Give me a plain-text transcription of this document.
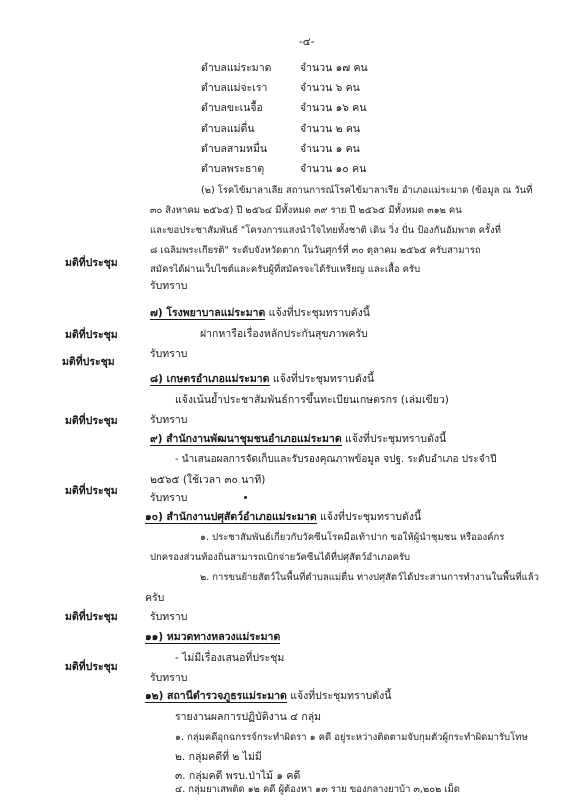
-๔-
ตำบลแม่ระมาด	จำนวน ๑๗ คน
ตำบลแม่จะเรา	จำนวน ๖ คน
ตำบลขะเนจื้อ	จำนวน ๑๖ คน
ตำบลแม่ตื่น	จำนวน ๒ คน
ตำบลสามหมื่น	จำนวน ๑ คน
ตำบลพระธาตุ	จำนวน ๑๐ คน
(๒) โรคไข้มาลาเลีย สถานการณ์โรคไข้มาลาเรีย อำเภอแม่ระมาด (ข้อมูล ณ วันที่
๓๐ สิงหาคม ๒๕๖๕) ปี ๒๕๖๔ มีทั้งหมด ๓๙ ราย ปี ๒๕๖๕ มีทั้งหมด ๓๑๒ คน
และขอประชาสัมพันธ์ "โครงการแสงนำใจไทยทั้งชาติ เดิน วิ่ง ปั่น ป้องกันอัมพาต ครั้งที่
๘ เฉลิมพระเกียรติ" ระดับจังหวัดตาก ในวันศุกร์ที่ ๓๐ ตุลาคม ๒๕๖๕ ครับสามารถ
สมัครได้ผ่านเว็บไซต์และครับผู้ที่สมัครจะได้รับเหรียญ และเสื้อ ครับ
มติที่ประชุม
รับทราบ
๗) โรงพยาบาลแม่ระมาด แจ้งที่ประชุมทราบดังนี้
ฝากหารือเรื่องหลักประกันสุขภาพครับ
มติที่ประชุม
รับทราบ
๘) เกษตรอำเภอแม่ระมาด แจ้งที่ประชุมทราบดังนี้
แจ้งเน้นย้ำประชาสัมพันธ์การขึ้นทะเบียนเกษตรกร (เล่มเขียว)
มติที่ประชุม
มติที่ประชุม	รับทราบ
๙) สำนักงานพัฒนาชุมชนอำเภอแม่ระมาด แจ้งที่ประชุมทราบดังนี้
- นำเสนอผลการจัดเก็บและรับรองคุณภาพข้อมูล จปฐ. ระดับอำเภอ ประจำปี
๒๕๖๕ (ใช้เวลา ๓๐ นาที)
มติที่ประชุม
รับทราบ
๑๐) สำนักงานปศุสัตว์อำเภอแม่ระมาด แจ้งที่ประชุมทราบดังนี้
๑. ประชาสัมพันธ์เกี่ยวกับวัคซีนโรคมือเท้าปาก ขอให้ผู้นำชุมชน หรือองค์กร
ปกครองส่วนท้องถิ่นสามารถเบิกจ่ายวัคซีนได้ที่ปศุสัตว์อำเภอครับ
๒. การขนย้ายสัตว์ในพื้นที่ตำบลแม่ตื่น ทางปศุสัตว์ได้ประสานการทำงานในพื้นที่แล้ว
ครับ
มติที่ประชุม	รับทราบ
๑๑) หมวดทางหลวงแม่ระมาด
- ไม่มีเรื่องเสนอที่ประชุม
มติที่ประชุม
รับทราบ
๑๒) สถานีตำรวจภูธรแม่ระมาด แจ้งที่ประชุมทราบดังนี้
รายงานผลการปฏิบัติงาน ๔ กลุ่ม
๑. กลุ่มคดีอุกฉกรรจ์กระทำผิดรา ๑ คดี อยู่ระหว่างติดตามจับกุมตัวผู้กระทำผิดมารับโทษ
๒. กลุ่มคดีที่ ๒ ไม่มี
๓. กลุ่มคดี พรบ.ป่าไม้ ๑ คดี
๔. กลุ่มยาเสพติด ๑๒ คดี ผู้ต้องหา ๑๓ ราย ของกลางยาบ้า ๓,๒๐๒ เม็ด
